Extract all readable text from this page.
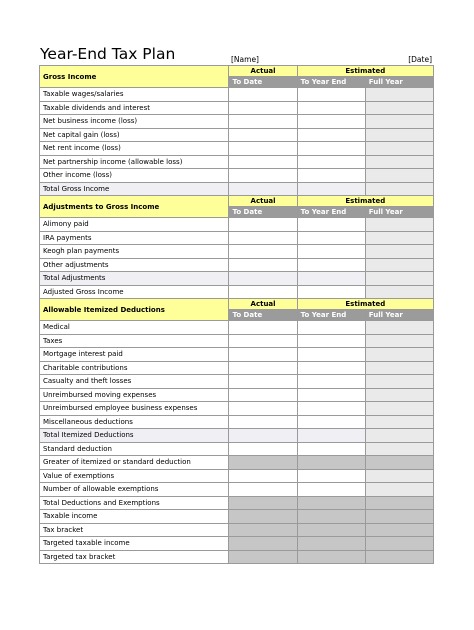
Year-End Tax Plan	[Name]	[Date]
Gross Income	Actual	Estimated	
	To Date	To Year End	Full Year
Taxable wages/salaries			
Taxable dividends and interest			
Net business income (loss)			
Net capital gain (loss)			
Net rent income (loss)			
Net partnership income (allowable loss)			
Other income (loss)			
Total Gross Income			
Adjustments to Gross Income	Actual	Estimated	
	To Date	To Year End	Full Year
Alimony paid			
IRA payments			
Keogh plan payments			
Other adjustments			
Total Adjustments			
Adjusted Gross Income			
Allowable Itemized Deductions	Actual	Estimated	
	To Date	To Year End	Full Year
Medical			
Taxes			
Mortgage interest paid			
Charitable contributions			
Casualty and theft losses			
Unreimbursed moving expenses			
Unreimbursed employee business expenses			
Miscellaneous deductions			
Total Itemized Deductions			
Standard deduction			
Greater of itemized or standard deduction			
Value of exemptions			
Number of allowable exemptions			
Total Deductions and Exemptions			
Taxable income			
Tax bracket			
Targeted taxable income			
Targeted tax bracket			
